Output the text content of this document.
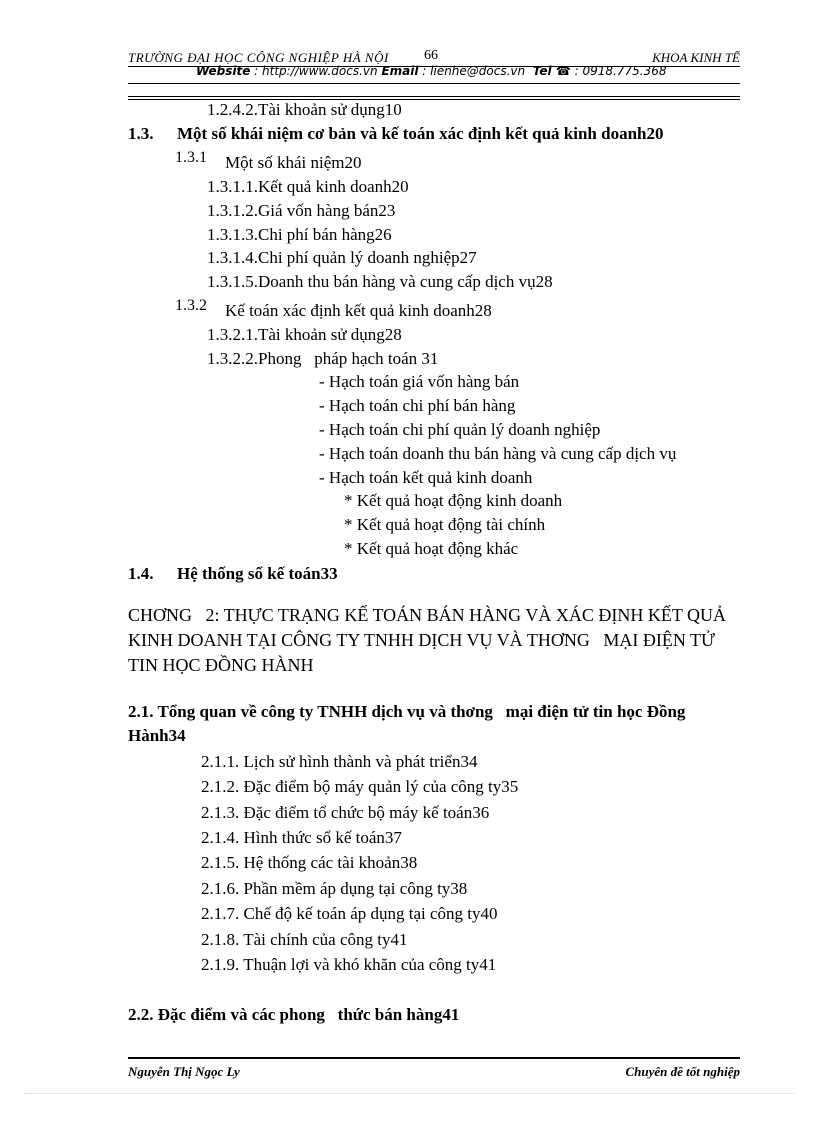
TRƯỜNG ĐẠI HỌC CÔNG NGHIỆP HÀ NỘI	66	KHOA KINH TẾ
Website : http://www.docs.vn Email : lienhe@docs.vn Tel ☎ : 0918.775.368
1.2.4.2.Tài khoản sử dụng10
1.3. Một số khái niệm cơ bản và kế toán xác định kết quả kinh doanh20
1.3.1 Một số khái niệm20
1.3.1.1.Kết quả kinh doanh20
1.3.1.2.Giá vốn hàng bán23
1.3.1.3.Chi phí bán hàng26
1.3.1.4.Chi phí quản lý doanh nghiệp27
1.3.1.5.Doanh thu bán hàng và cung cấp dịch vụ28
1.3.2 Kế toán xác định kết quả kinh doanh28
1.3.2.1.Tài khoản sử dụng28
1.3.2.2.Phong   pháp hạch toán 31
- Hạch toán giá vốn hàng bán
- Hạch toán chi phí bán hàng
- Hạch toán chi phí quản lý doanh nghiệp
- Hạch toán doanh thu bán hàng và cung cấp dịch vụ
- Hạch toán kết quả kinh doanh
* Kết quả hoạt động kinh doanh
* Kết quả hoạt động tài chính
* Kết quả hoạt động khác
1.4. Hệ thống sổ kế toán33
CHƠNG   2: THỰC TRẠNG KẾ TOÁN BÁN HÀNG VÀ XÁC ĐỊNH KẾT QUẢ KINH DOANH TẠI CÔNG TY TNHH DỊCH VỤ VÀ THƠNG   MẠI ĐIỆN TỬ TIN HỌC ĐỒNG HÀNH
2.1. Tổng quan về công ty TNHH dịch vụ và thơng   mại điện tử tin học Đồng Hành34
2.1.1. Lịch sử hình thành và phát triển34
2.1.2. Đặc điểm bộ máy quản lý của công ty35
2.1.3. Đặc điểm tổ chức bộ máy kế toán36
2.1.4. Hình thức sổ kế toán37
2.1.5. Hệ thống các tài khoản38
2.1.6. Phần mềm áp dụng tại công ty38
2.1.7. Chế độ kế toán áp dụng tại công ty40
2.1.8. Tài chính của công ty41
2.1.9. Thuận lợi và khó khăn của công ty41
2.2. Đặc điểm và các phong   thức bán hàng41
Nguyễn Thị Ngọc Ly	Chuyên đề tốt nghiệp
